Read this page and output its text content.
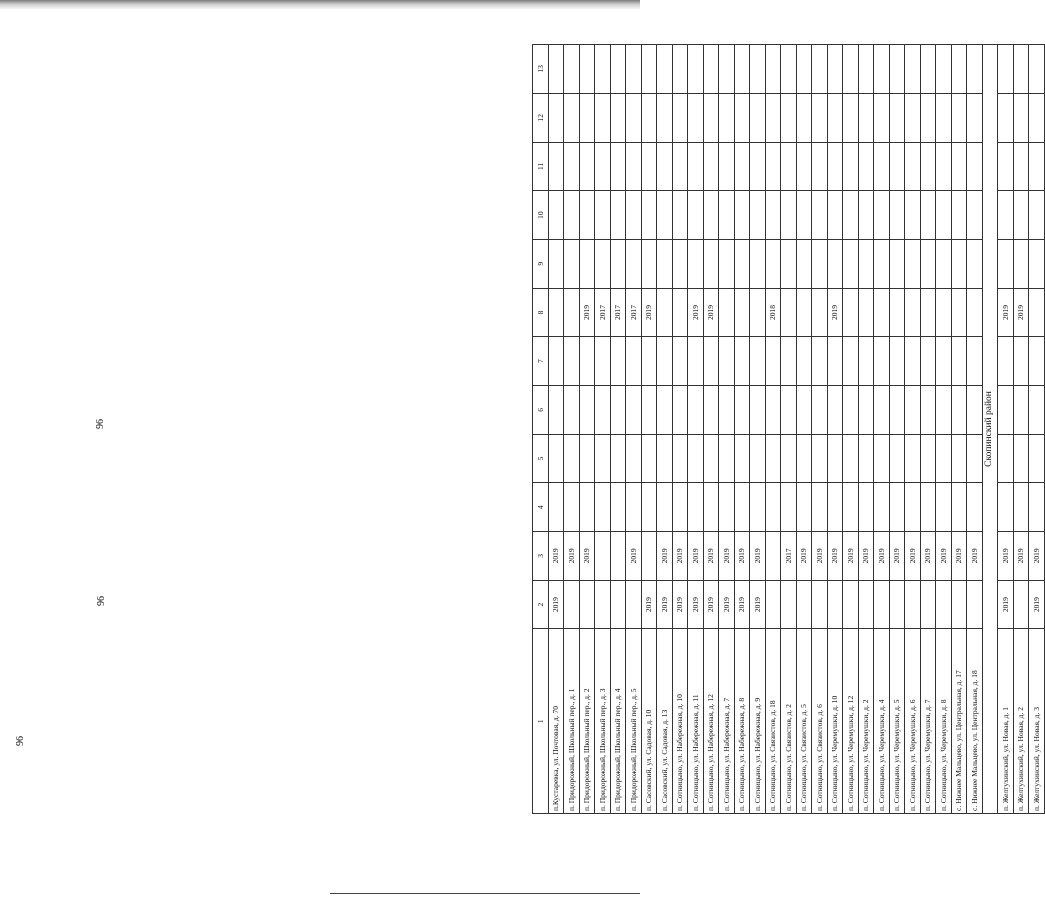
96
96
96
1	2	3	4	5	6	7	8	9	10	11	12	13
п.Кустаревка, ул. Почтовая, д. 70	2019	2019										
п. Придорожный, Школьный пер., д. 1		2019										
п. Придорожный, Школьный пер., д. 2		2019					2019					
п. Придорожный, Школьный пер., д. 3							2017					
п. Придорожный, Школьный пер., д. 4							2017					
п. Придорожный, Школьный пер., д. 5		2019					2017					
п. Сасовский, ул. Садовая, д. 10	2019						2019					
п. Сасовский, ул. Садовая, д. 13	2019	2019										
п. Сотницыно, ул. Набережная, д. 10	2019	2019										
п. Сотницыно, ул. Набережная, д. 11	2019	2019					2019					
п. Сотницыно, ул. Набережная, д. 12	2019	2019					2019					
п. Сотницыно, ул. Набережная, д. 7	2019	2019										
п. Сотницыно, ул. Набережная, д. 8	2019	2019										
п. Сотницыно, ул. Набережная, д. 9	2019	2019										
п. Сотницыно, ул. Связистов, д. 18							2018					
п. Сотницыно, ул. Связистов, д. 2		2017										
п. Сотницыно, ул. Связистов, д. 5		2019										
п. Сотницыно, ул. Связистов, д. 6		2019										
п. Сотницыно, ул. Черемушки, д. 10		2019					2019					
п. Сотницыно, ул. Черемушки, д. 12		2019										
п. Сотницыно, ул. Черемушки, д. 2		2019										
п. Сотницыно, ул. Черемушки, д. 4		2019										
п. Сотницыно, ул. Черемушки, д. 5		2019										
п. Сотницыно, ул. Черемушки, д. 6		2019										
п. Сотницыно, ул. Черемушки, д. 7		2019										
п. Сотницыно, ул. Черемушки, д. 8		2019										
с. Нижнее Мальцево, ул. Центральная, д. 17		2019										
с. Нижнее Мальцево, ул. Центральная, д. 18		2019										
Скопинский район												
п. Желтухинский, ул. Новая, д. 1	2019	2019					2019					
п. Желтухинский, ул. Новая, д. 2		2019					2019					
п. Желтухинский, ул. Новая, д. 3	2019	2019										
